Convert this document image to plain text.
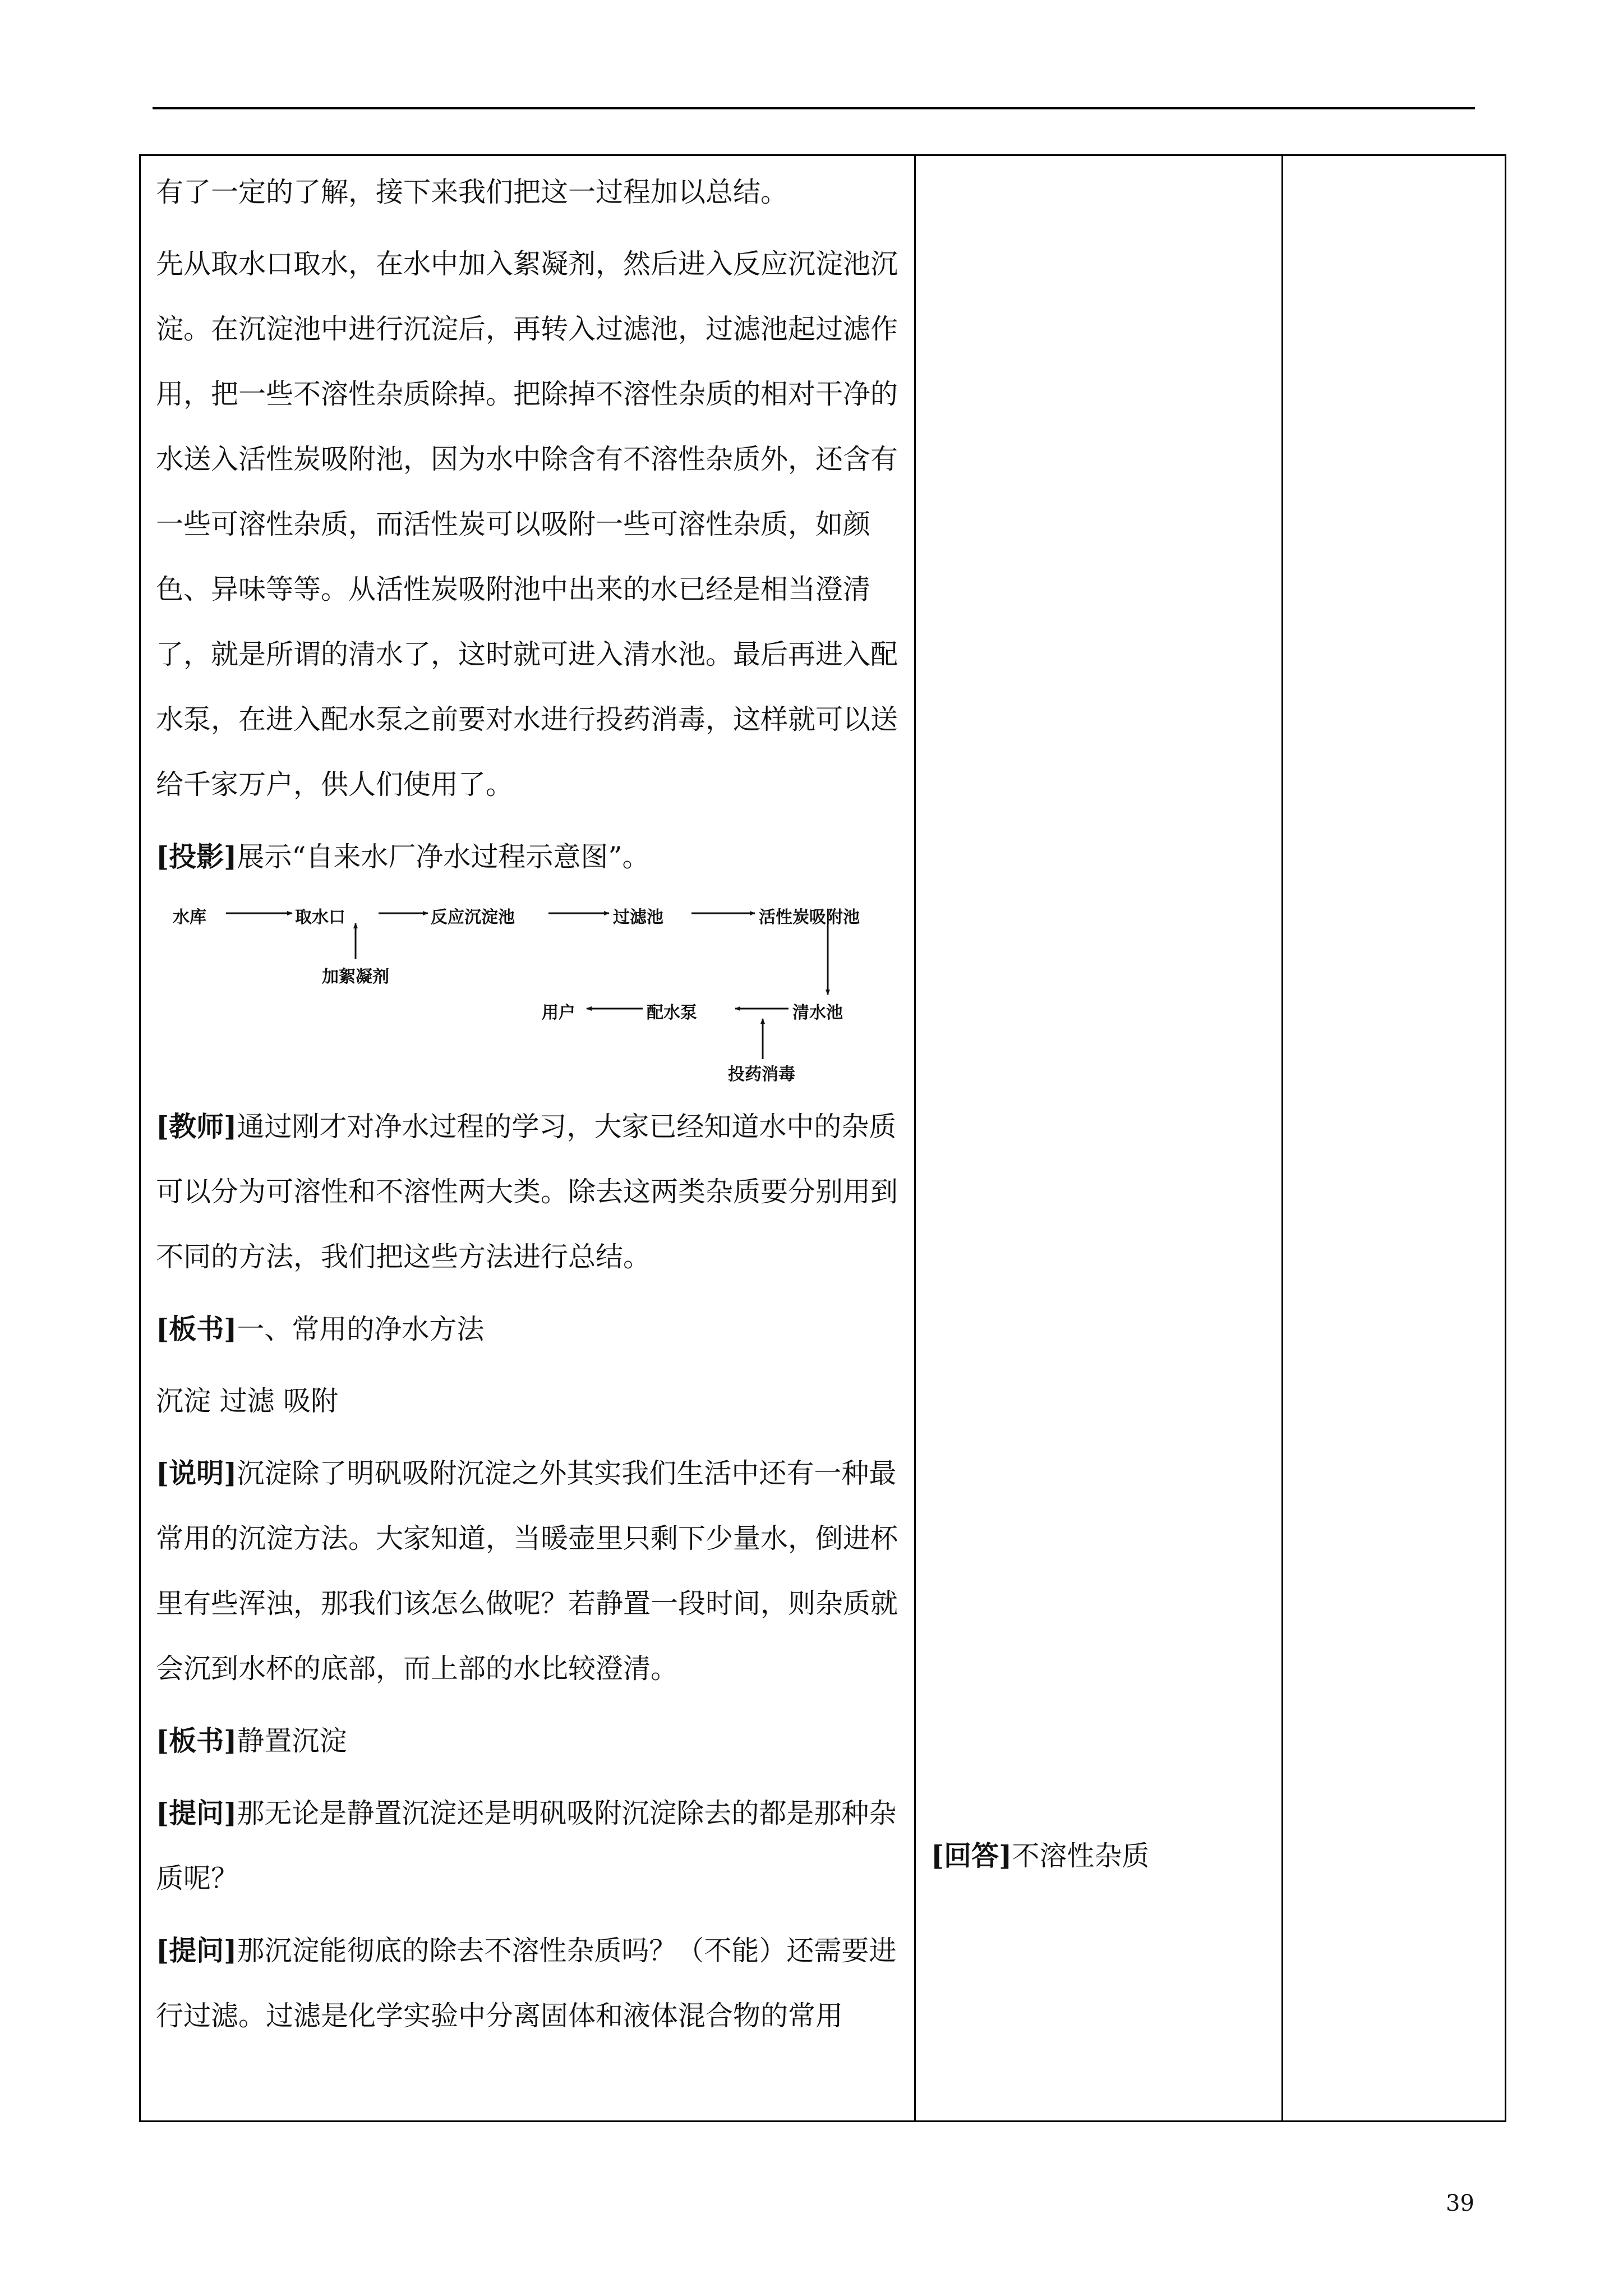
有了一定的了解，接下来我们把这一过程加以总结。

先从取水口取水，在水中加入絮凝剂，然后进入反应沉淀池沉淀。在沉淀池中进行沉淀后，再转入过滤池，过滤池起过滤作用，把一些不溶性杂质除掉。把除掉不溶性杂质的相对干净的水送入活性炭吸附池，因为水中除含有不溶性杂质外，还含有一些可溶性杂质，而活性炭可以吸附一些可溶性杂质，如颜色、异味等等。从活性炭吸附池中出来的水已经是相当澄清了，就是所谓的清水了，这时就可进入清水池。最后再进入配水泵，在进入配水泵之前要对水进行投药消毒，这样就可以送给千家万户，供人们使用了。

[投影]展示“自来水厂净水过程示意图”。

水库	取水口	反应沉淀池	过滤池	活性炭吸附池
加絮凝剂
用户	配水泵	清水池
投药消毒

[教师]通过刚才对净水过程的学习，大家已经知道水中的杂质可以分为可溶性和不溶性两大类。除去这两类杂质要分别用到不同的方法，我们把这些方法进行总结。

[板书]一、常用的净水方法

沉淀 过滤 吸附

[说明]沉淀除了明矾吸附沉淀之外其实我们生活中还有一种最常用的沉淀方法。大家知道，当暖壶里只剩下少量水，倒进杯里有些浑浊，那我们该怎么做呢？若静置一段时间，则杂质就会沉到水杯的底部，而上部的水比较澄清。

[板书]静置沉淀

[提问]那无论是静置沉淀还是明矾吸附沉淀除去的都是那种杂质呢？

[提问]那沉淀能彻底的除去不溶性杂质吗？（不能）还需要进行过滤。过滤是化学实验中分离固体和液体混合物的常用

[回答]不溶性杂质
39
